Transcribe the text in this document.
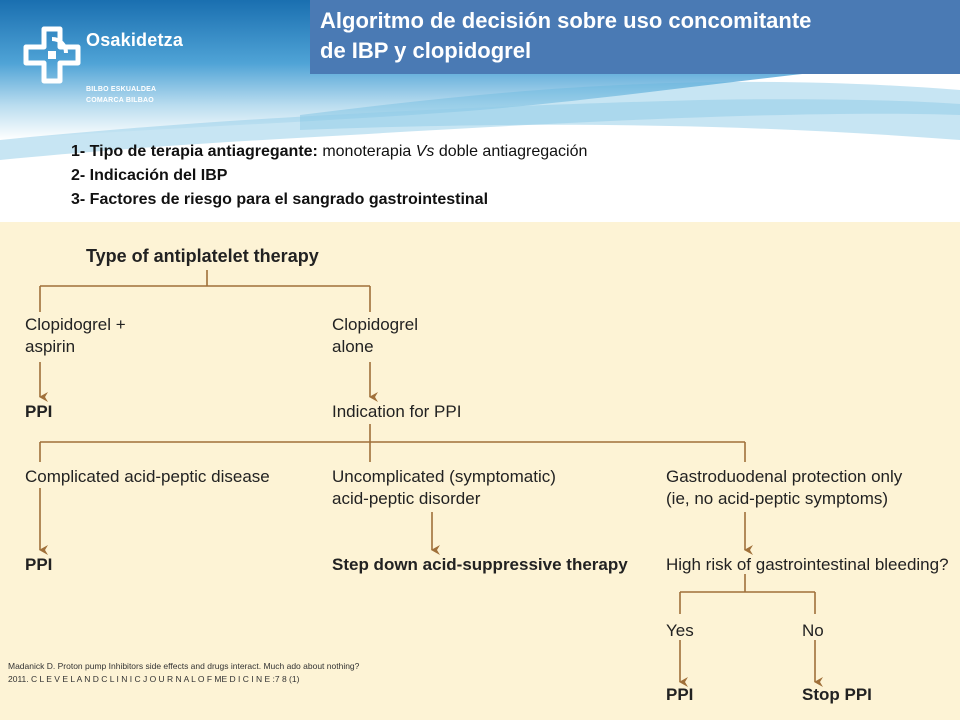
Osakidetza
BILBO ESKUALDEA
COMARCA BILBAO
Algoritmo de decisión sobre uso concomitante
de IBP y clopidogrel
1- Tipo de terapia antiagregante: monoterapia Vs doble antiagregación
2- Indicación del IBP
3- Factores de riesgo para el sangrado gastrointestinal
Type of antiplatelet therapy
Clopidogrel +
aspirin
Clopidogrel
alone
PPI	Indication for PPI
Complicated acid-peptic disease	Uncomplicated (symptomatic)
acid-peptic disorder
Gastroduodenal protection only
(ie, no acid-peptic symptoms)
PPI	Step down acid-suppressive therapy High risk of gastrointestinal bleeding?
Yes	No
PPI	Stop PPI
Madanick D. Proton pump Inhibitors side effects and drugs interact. Much ado about nothing?
2011. C L E V E L A N D C L I N I C J O U R N A L O F ME D I C I N E :7 8 (1)
